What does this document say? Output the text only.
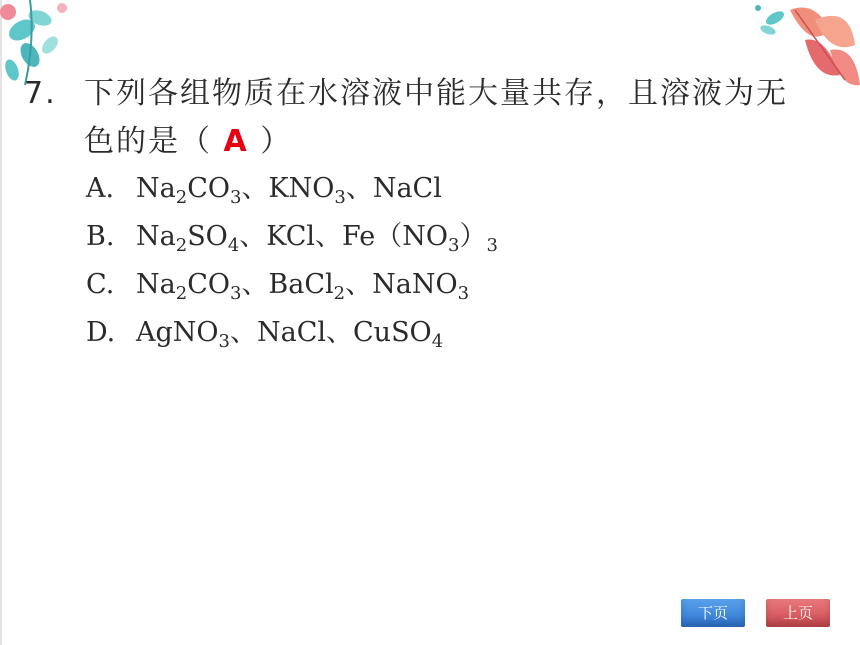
7. 下列各组物质在水溶液中能大量共存，且溶液为无
色的是（ A ）
A. $Na_2CO_3$、$KNO_3$、NaCl
B. $Na_2SO_4$、KCl、$Fe(NO_3)_3$
C. $Na_2CO_3$、BaCl$_2$、NaNO$_3$
D. AgNO$_3$、NaCl、CuSO$_4$
下页	上页
